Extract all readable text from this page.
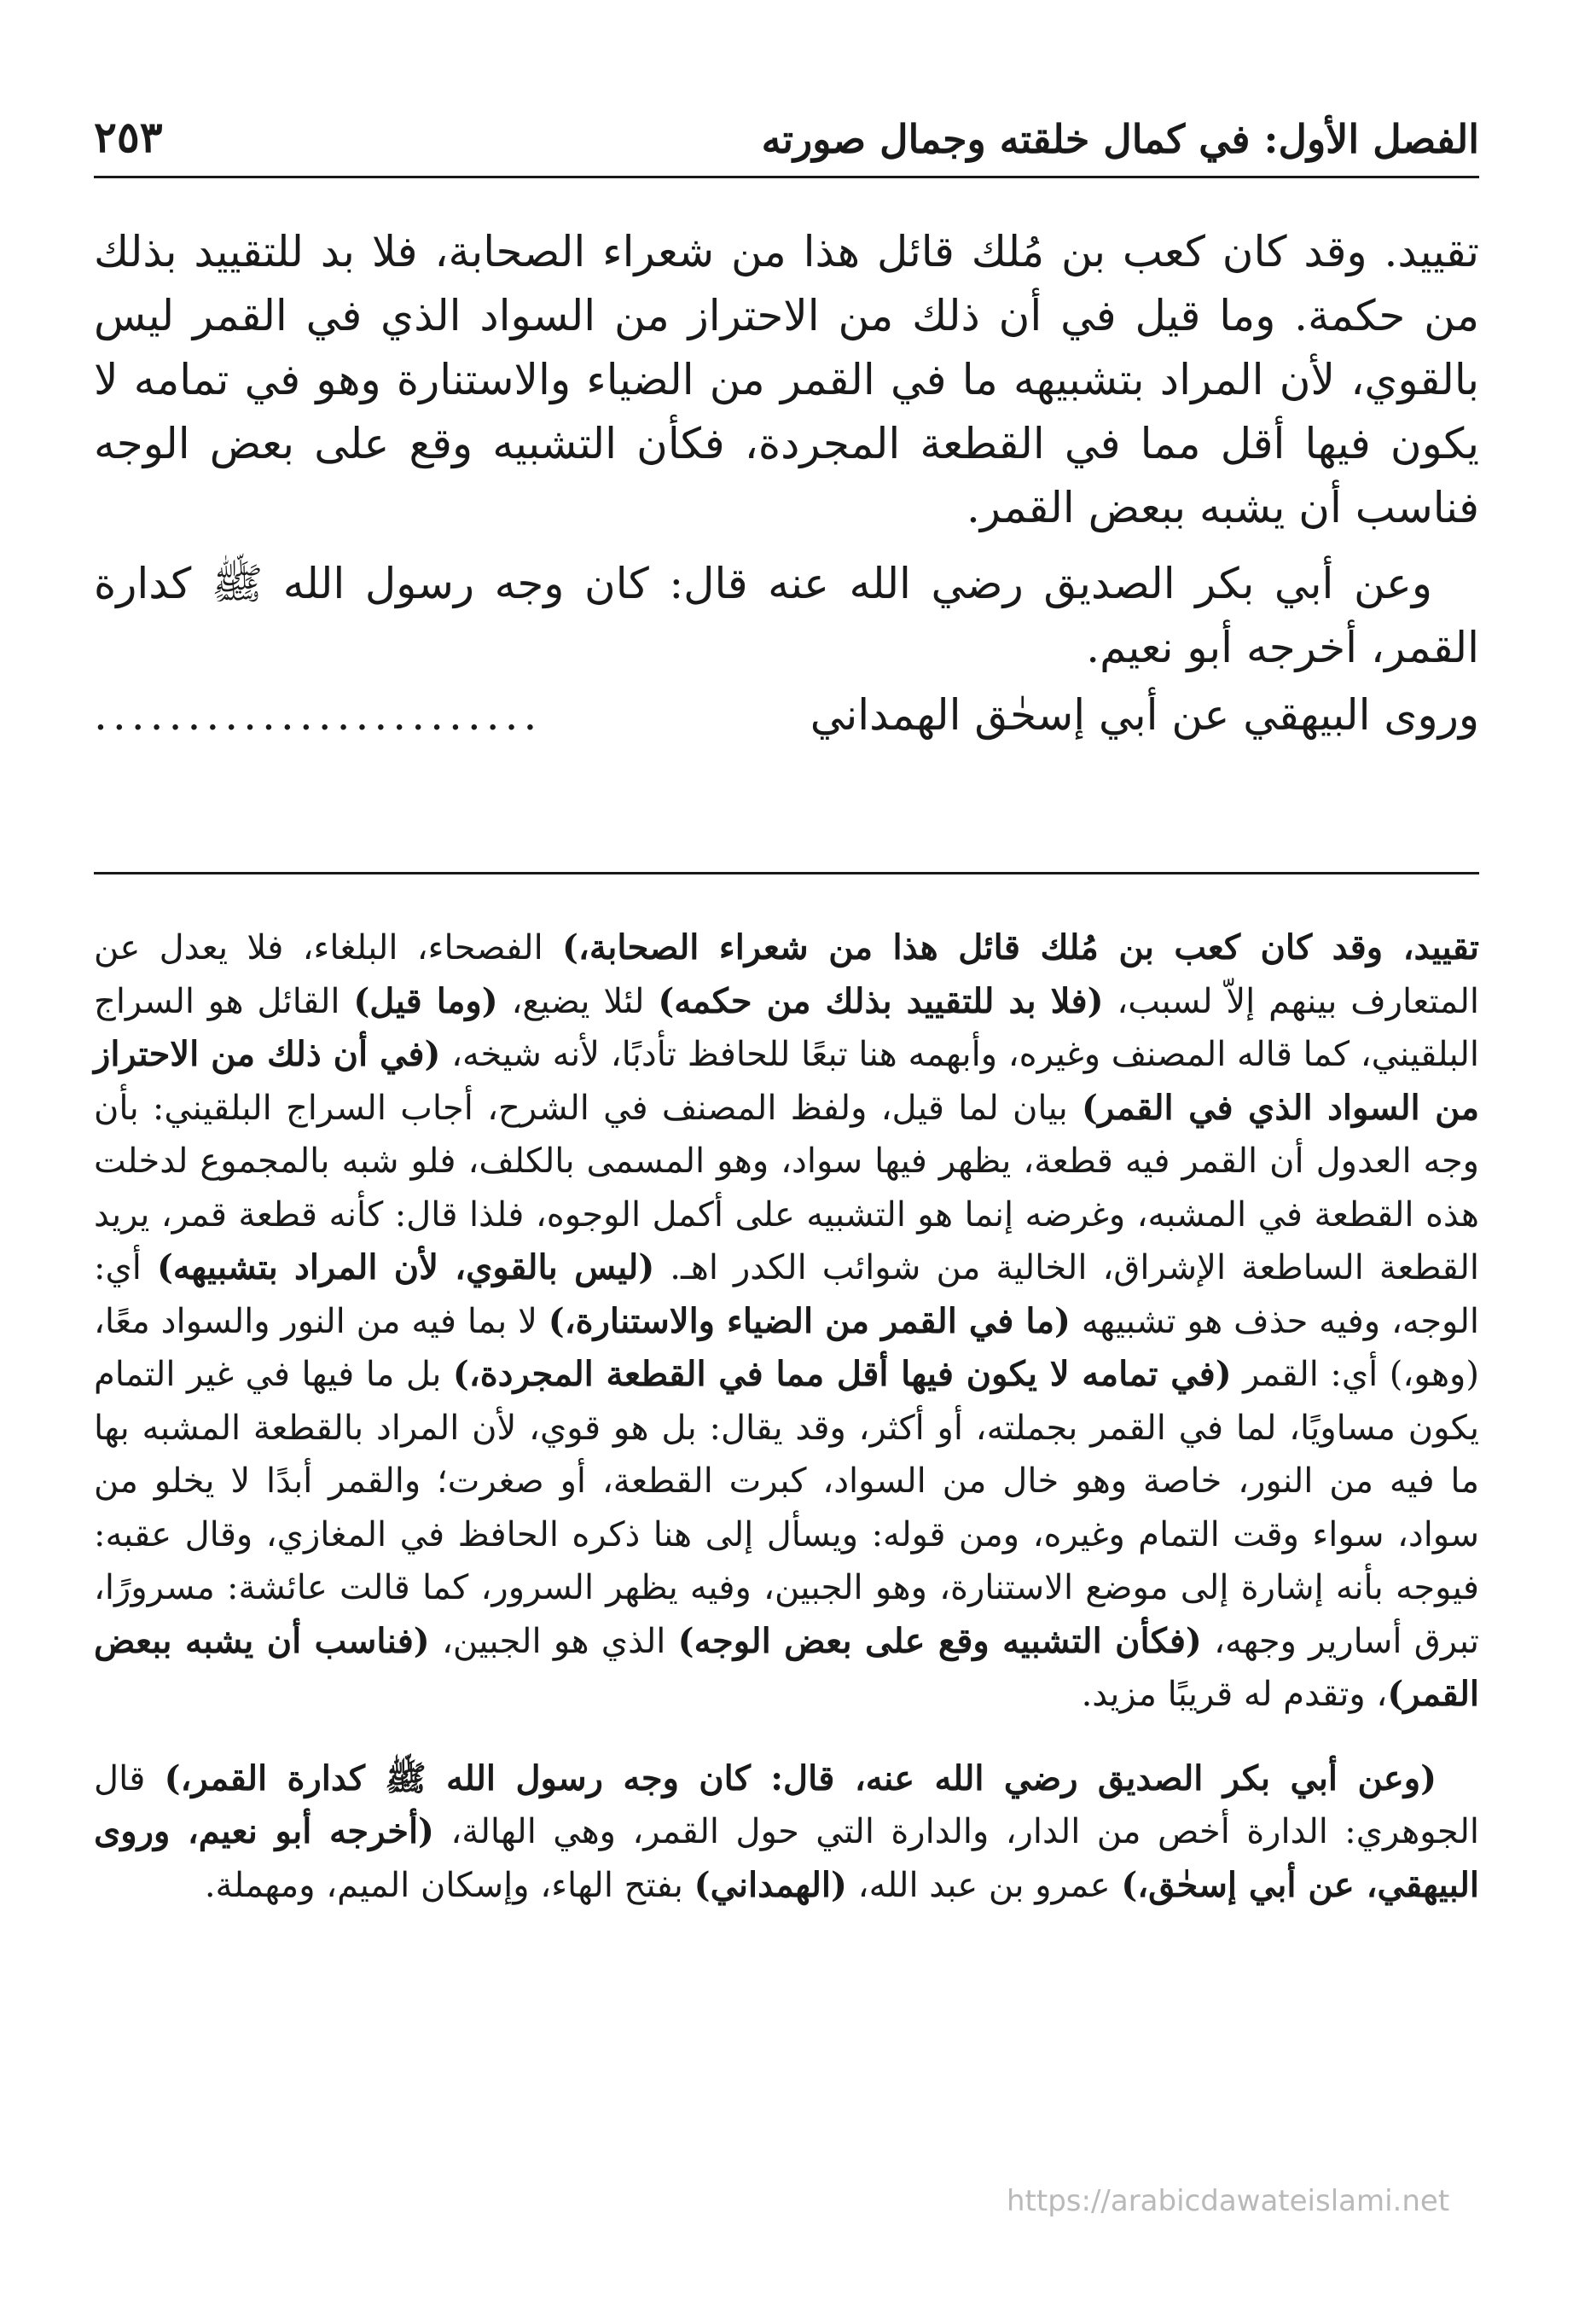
الفصل الأول: في كمال خلقته وجمال صورته
٢٥٣

تقييد. وقد كان كعب بن مُلك قائل هذا من شعراء الصحابة، فلا بد للتقييد بذلك من حكمة. وما قيل في أن ذلك من الاحتراز من السواد الذي في القمر ليس بالقوي، لأن المراد بتشبيهه ما في القمر من الضياء والاستنارة وهو في تمامه لا يكون فيها أقل مما في القطعة المجردة، فكأن التشبيه وقع على بعض الوجه فناسب أن يشبه ببعض القمر.

وعن أبي بكر الصديق رضي الله عنه قال: كان وجه رسول الله ﷺ كدارة القمر، أخرجه أبو نعيم.

وروى البيهقي عن أبي إسحٰق الهمداني
........................

تقييد، وقد كان كعب بن مُلك قائل هذا من شعراء الصحابة،) الفصحاء، البلغاء، فلا يعدل عن المتعارف بينهم إلاّ لسبب، (فلا بد للتقييد بذلك من حكمه) لئلا يضيع، (وما قيل) القائل هو السراج البلقيني، كما قاله المصنف وغيره، وأبهمه هنا تبعًا للحافظ تأدبًا، لأنه شيخه، (في أن ذلك من الاحتراز من السواد الذي في القمر) بيان لما قيل، ولفظ المصنف في الشرح، أجاب السراج البلقيني: بأن وجه العدول أن القمر فيه قطعة، يظهر فيها سواد، وهو المسمى بالكلف، فلو شبه بالمجموع لدخلت هذه القطعة في المشبه، وغرضه إنما هو التشبيه على أكمل الوجوه، فلذا قال: كأنه قطعة قمر، يريد القطعة الساطعة الإشراق، الخالية من شوائب الكدر اهـ. (ليس بالقوي، لأن المراد بتشبيهه) أي: الوجه، وفيه حذف هو تشبيهه (ما في القمر من الضياء والاستنارة،) لا بما فيه من النور والسواد معًا، (وهو،) أي: القمر (في تمامه لا يكون فيها أقل مما في القطعة المجردة،) بل ما فيها في غير التمام يكون مساويًا، لما في القمر بجملته، أو أكثر، وقد يقال: بل هو قوي، لأن المراد بالقطعة المشبه بها ما فيه من النور، خاصة وهو خال من السواد، كبرت القطعة، أو صغرت؛ والقمر أبدًا لا يخلو من سواد، سواء وقت التمام وغيره، ومن قوله: ويسأل إلى هنا ذكره الحافظ في المغازي، وقال عقبه: فيوجه بأنه إشارة إلى موضع الاستنارة، وهو الجبين، وفيه يظهر السرور، كما قالت عائشة: مسرورًا، تبرق أسارير وجهه، (فكأن التشبيه وقع على بعض الوجه) الذي هو الجبين، (فناسب أن يشبه ببعض القمر)، وتقدم له قريبًا مزيد.

(وعن أبي بكر الصديق رضي الله عنه، قال: كان وجه رسول الله ﷺ كدارة القمر،) قال الجوهري: الدارة أخص من الدار، والدارة التي حول القمر، وهي الهالة، (أخرجه أبو نعيم، وروى البيهقي، عن أبي إسحٰق،) عمرو بن عبد الله، (الهمداني) بفتح الهاء، وإسكان الميم، ومهملة.

https://arabicdawateislami.net
